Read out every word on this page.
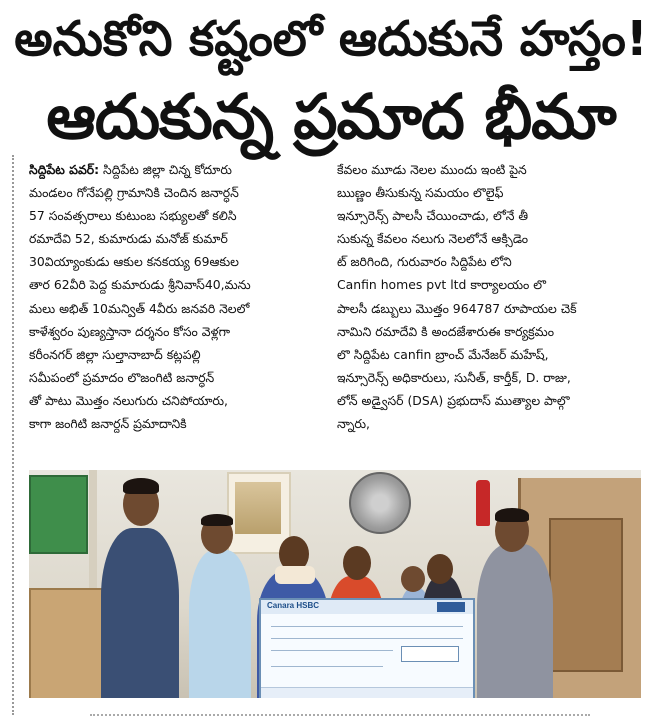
అనుకోని కష్టంలో ఆదుకునే హస్తం!
ఆదుకున్న ప్రమాద భీమా
సిద్దిపేట పవర్: సిద్దిపేట జిల్లా చిన్న కోదూరు
మండలం గోనేపల్లి గ్రామానికి చెందిన జనార్ధన్
57 సంవత్సరాలు కుటుంబ సభ్యులతో కలిసి
రమాదేవి 52, కుమారుడు మనోజ్ కుమార్
30వియ్యాంకుడు ఆకుల కనకయ్య 69ఆకుల
తార 62వీరి పెద్ద కుమారుడు శ్రీనివాస్40,మను
మలు అభిత్ 10మన్విత్ 4వీరు జనవరి నెలలో
కాళేశ్వరం పుణ్యస్తానా దర్శనం కోసం వెళ్లగా
కరీంనగర్ జిల్లా సుల్తానాబాద్ కట్లపల్లి
సమీపంలో ప్రమాదం లొజంగిటి జనార్ధన్
తో పాటు మొత్తం నలుగురు చనిపోయారు,
కాగా జంగిటి జనార్దన్ ప్రమాదానికి
కేవలం మూడు నెలల ముందు ఇంటి పైన
ఋణ్ణం తీసుకున్న సమయం లొలైఫ్
ఇన్సూరెన్స్ పాలసీ చేయించాడు, లోనే తీ
సుకున్న కేవలం నలుగు నెలలోనే ఆక్సిడెం
ట్ జరిగింది, గురువారం సిద్దిపేట లోని
Canfin homes pvt ltd కార్యాలయం లొ
పాలసీ డబ్బులు మొత్తం 964787 రూపాయల చెక్
నామిని రమాదేవి కి అందజేశారుఈ కార్యక్రమం
లొ సిద్దిపేట canfin బ్రాంచ్ మేనేజర్ మహేష్,
ఇన్సూరెన్స్ అధికారులు, సునీత్, కార్తీక్, D. రాజు,
లోన్ అడ్వైసర్ (DSA) ప్రభుదాస్ ముత్యాల పాల్గొ
న్నారు,
Canara HSBC
